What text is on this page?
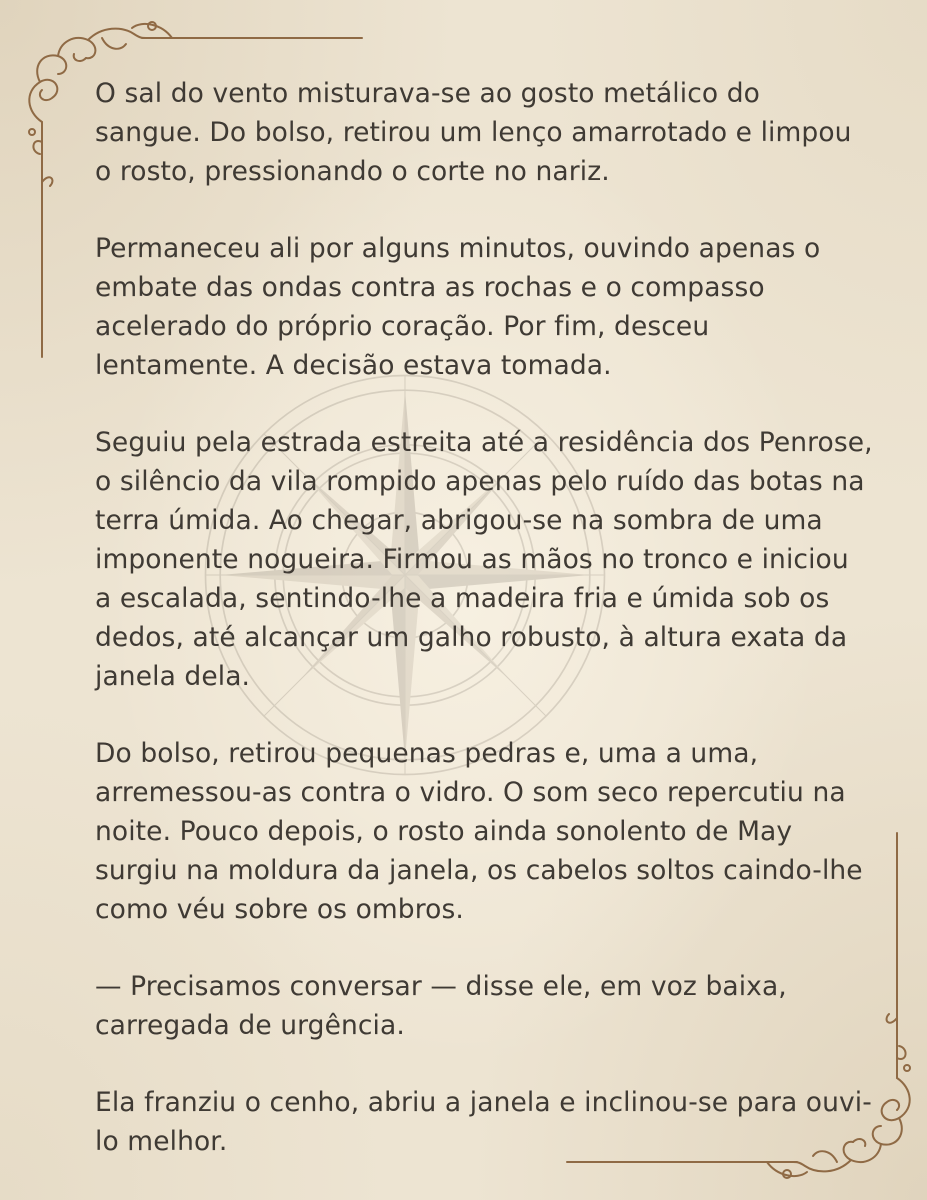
O sal do vento misturava-se ao gosto metálico do
sangue. Do bolso, retirou um lenço amarrotado e limpou
o rosto, pressionando o corte no nariz.

Permaneceu ali por alguns minutos, ouvindo apenas o
embate das ondas contra as rochas e o compasso
acelerado do próprio coração. Por fim, desceu
lentamente. A decisão estava tomada.

Seguiu pela estrada estreita até a residência dos Penrose,
o silêncio da vila rompido apenas pelo ruído das botas na
terra úmida. Ao chegar, abrigou-se na sombra de uma
imponente nogueira. Firmou as mãos no tronco e iniciou
a escalada, sentindo-lhe a madeira fria e úmida sob os
dedos, até alcançar um galho robusto, à altura exata da
janela dela.

Do bolso, retirou pequenas pedras e, uma a uma,
arremessou-as contra o vidro. O som seco repercutiu na
noite. Pouco depois, o rosto ainda sonolento de May
surgiu na moldura da janela, os cabelos soltos caindo-lhe
como véu sobre os ombros.

— Precisamos conversar — disse ele, em voz baixa,
carregada de urgência.

Ela franziu o cenho, abriu a janela e inclinou-se para ouvi-
lo melhor.
